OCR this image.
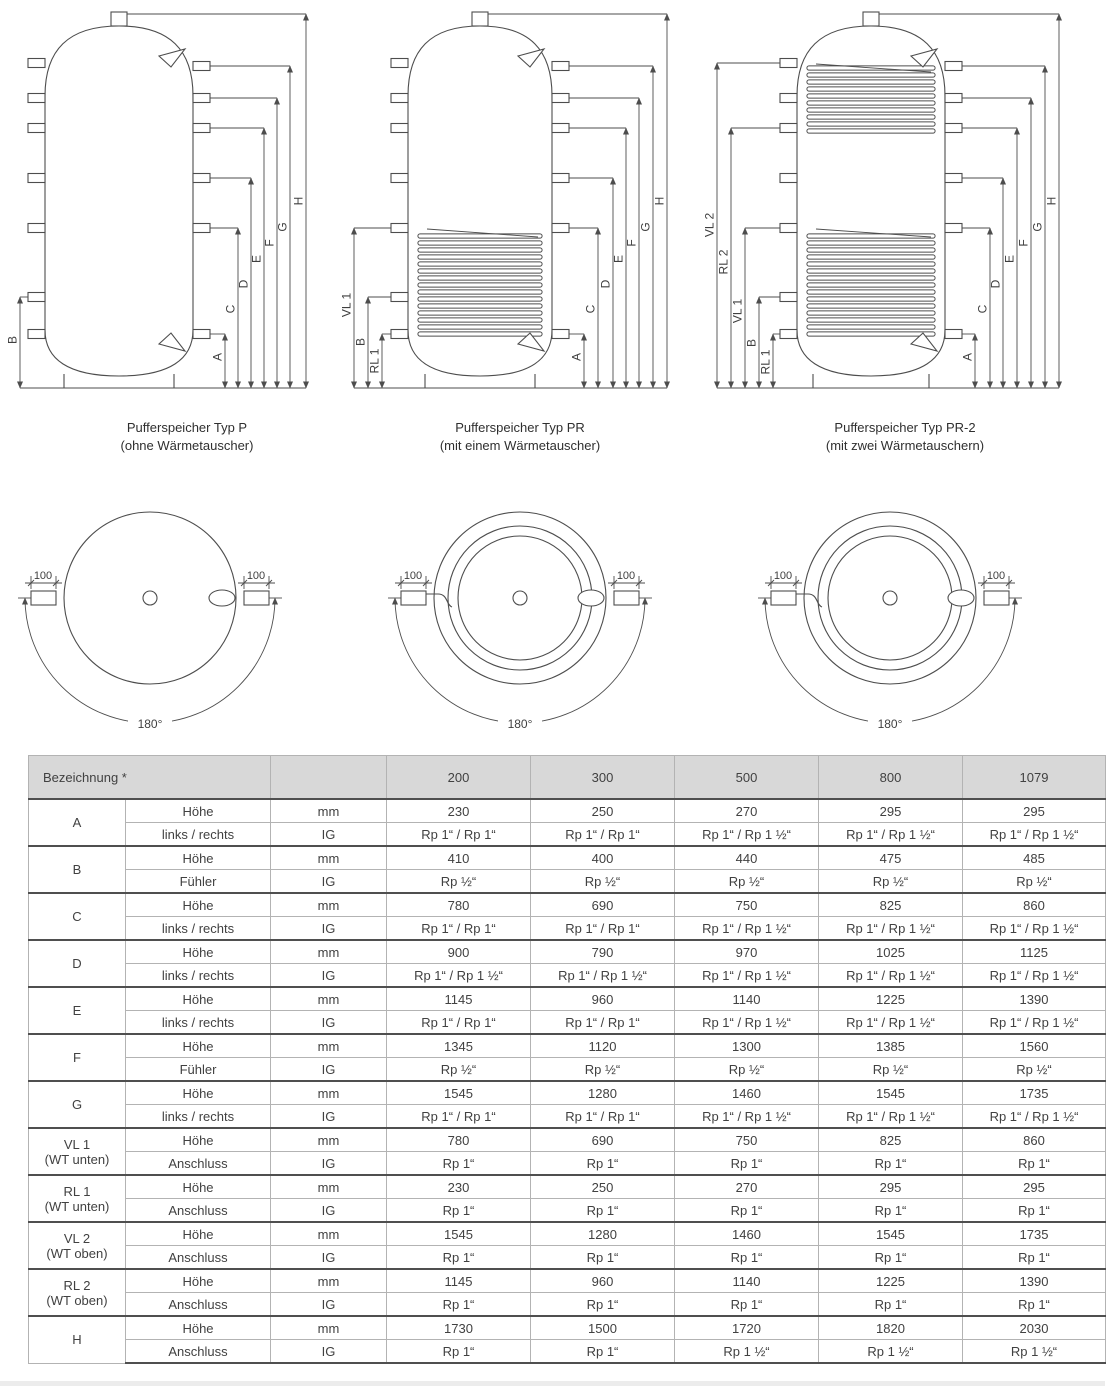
B
A
C
D
E
F
G
H
VL 1
B
RL 1	A
C
D
E
F
G
H
VL 2
RL 2
VL 1
B
RL 1	A
C
D
E
F
G
H
Pufferspeicher Typ P
(ohne Wärmetauscher)
Pufferspeicher Typ PR
(mit einem Wärmetauscher)
Pufferspeicher Typ PR-2
(mit zwei Wärmetauschern)
100	100
180°
100	100
180°
100	100
180°
Bezeichnung *			200	300	500	800	1079
A	Höhe	mm	230	250	270	295	295
	links / rechts	IG	Rp 1“ / Rp 1“	Rp 1“ / Rp 1“	Rp 1“ / Rp 1 ½“	Rp 1“ / Rp 1 ½“	Rp 1“ / Rp 1 ½“
B	Höhe	mm	410	400	440	475	485
	Fühler	IG	Rp ½“	Rp ½“	Rp ½“	Rp ½“	Rp ½“
C	Höhe	mm	780	690	750	825	860
	links / rechts	IG	Rp 1“ / Rp 1“	Rp 1“ / Rp 1“	Rp 1“ / Rp 1 ½“	Rp 1“ / Rp 1 ½“	Rp 1“ / Rp 1 ½“
D	Höhe	mm	900	790	970	1025	1125
	links / rechts	IG	Rp 1“ / Rp 1 ½“	Rp 1“ / Rp 1 ½“	Rp 1“ / Rp 1 ½“	Rp 1“ / Rp 1 ½“	Rp 1“ / Rp 1 ½“
E	Höhe	mm	1145	960	1140	1225	1390
	links / rechts	IG	Rp 1“ / Rp 1“	Rp 1“ / Rp 1“	Rp 1“ / Rp 1 ½“	Rp 1“ / Rp 1 ½“	Rp 1“ / Rp 1 ½“
F	Höhe	mm	1345	1120	1300	1385	1560
	Fühler	IG	Rp ½“	Rp ½“	Rp ½“	Rp ½“	Rp ½“
G	Höhe	mm	1545	1280	1460	1545	1735
	links / rechts	IG	Rp 1“ / Rp 1“	Rp 1“ / Rp 1“	Rp 1“ / Rp 1 ½“	Rp 1“ / Rp 1 ½“	Rp 1“ / Rp 1 ½“
VL 1
(WT unten)	Höhe	mm	780	690	750	825	860
	Anschluss	IG	Rp 1“	Rp 1“	Rp 1“	Rp 1“	Rp 1“
RL 1
(WT unten)	Höhe	mm	230	250	270	295	295
	Anschluss	IG	Rp 1“	Rp 1“	Rp 1“	Rp 1“	Rp 1“
VL 2
(WT oben)	Höhe	mm	1545	1280	1460	1545	1735
	Anschluss	IG	Rp 1“	Rp 1“	Rp 1“	Rp 1“	Rp 1“
RL 2
(WT oben)	Höhe	mm	1145	960	1140	1225	1390
	Anschluss	IG	Rp 1“	Rp 1“	Rp 1“	Rp 1“	Rp 1“
H	Höhe	mm	1730	1500	1720	1820	2030
	Anschluss	IG	Rp 1“	Rp 1“	Rp 1 ½“	Rp 1 ½“	Rp 1 ½“
